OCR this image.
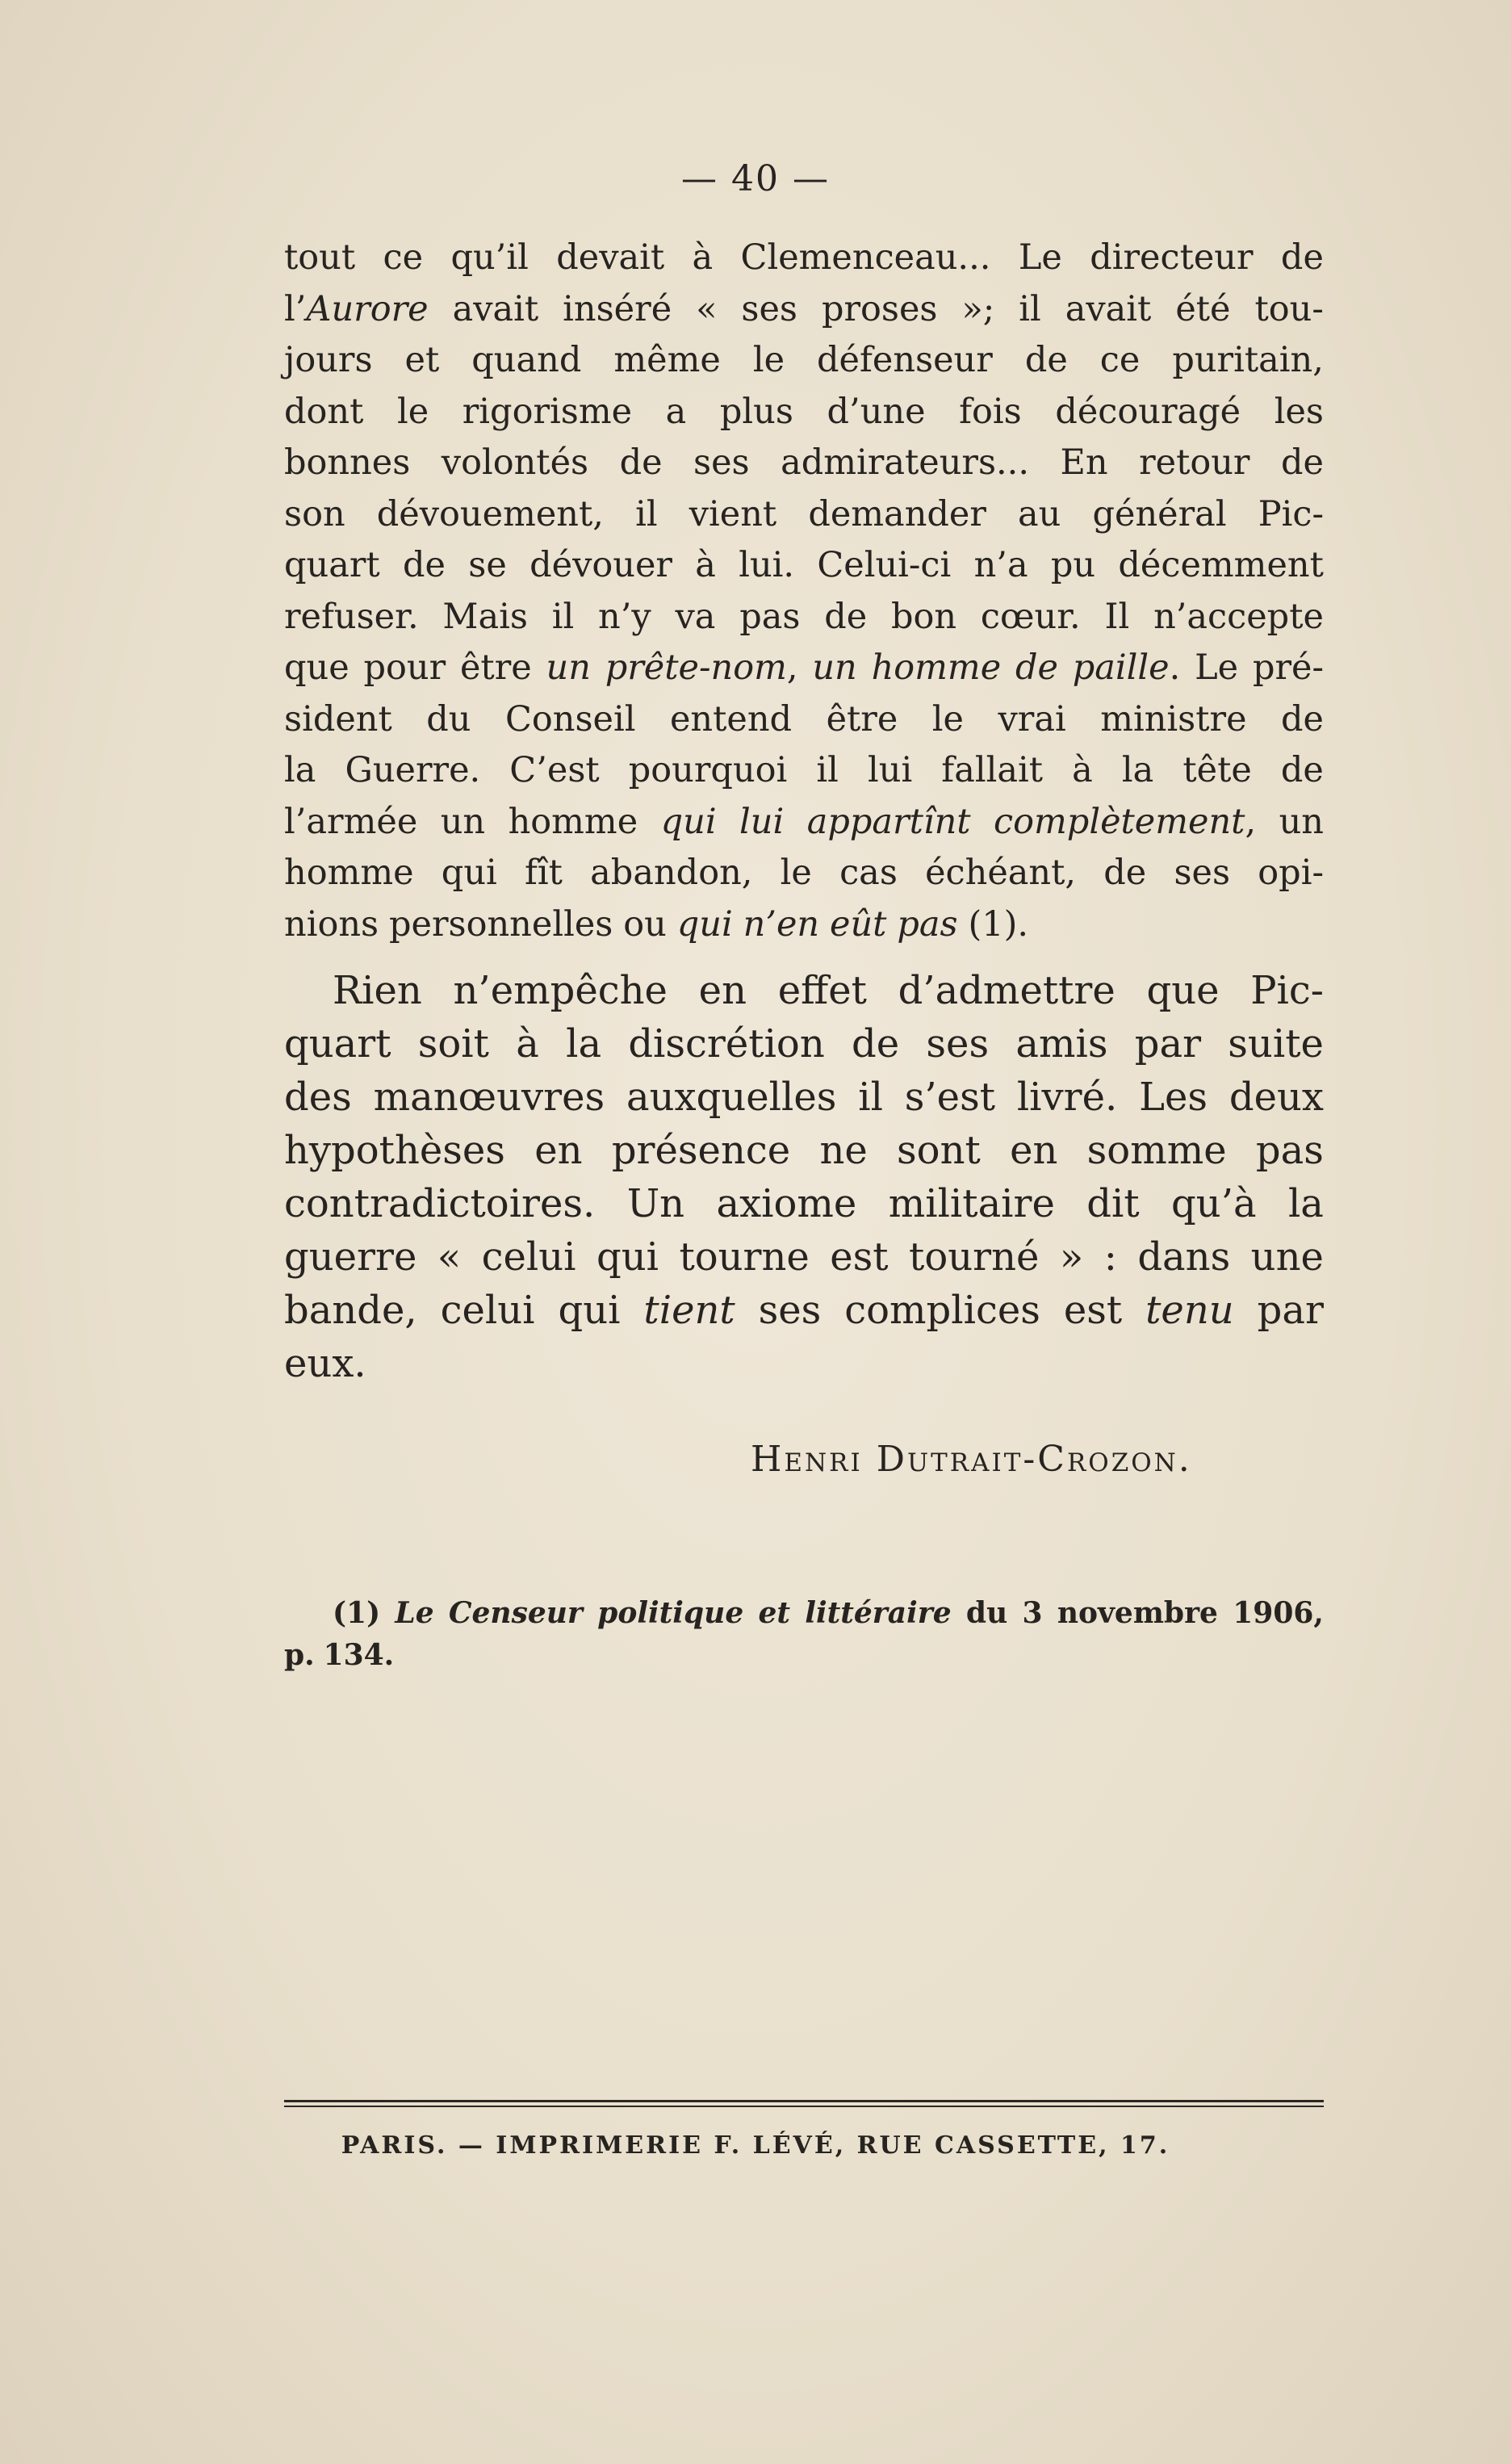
— 40 —
tout ce qu’il devait à Clemenceau... Le directeur de
l’Aurore avait inséré « ses proses »; il avait été tou-
jours et quand même le défenseur de ce puritain,
dont le rigorisme a plus d’une fois découragé les
bonnes volontés de ses admirateurs... En retour de
son dévouement, il vient demander au général Pic-
quart de se dévouer à lui. Celui-ci n’a pu décemment
refuser. Mais il n’y va pas de bon cœur. Il n’accepte
que pour être un prête-nom, un homme de paille. Le pré-
sident du Conseil entend être le vrai ministre de
la Guerre. C’est pourquoi il lui fallait à la tête de
l’armée un homme qui lui appartînt complètement, un
homme qui fît abandon, le cas échéant, de ses opi-
nions personnelles ou qui n’en eût pas (1).
Rien n’empêche en effet d’admettre que Pic-
quart soit à la discrétion de ses amis par suite
des manœuvres auxquelles il s’est livré. Les deux
hypothèses en présence ne sont en somme pas
contradictoires. Un axiome militaire dit qu’à la
guerre « celui qui tourne est tourné » : dans une
bande, celui qui tient ses complices est tenu par
eux.
Henri Dutrait-Crozon.
(1) Le Censeur politique et littéraire du 3 novembre 1906,
p. 134.
PARIS. — IMPRIMERIE F. LÉVÉ, RUE CASSETTE, 17.
